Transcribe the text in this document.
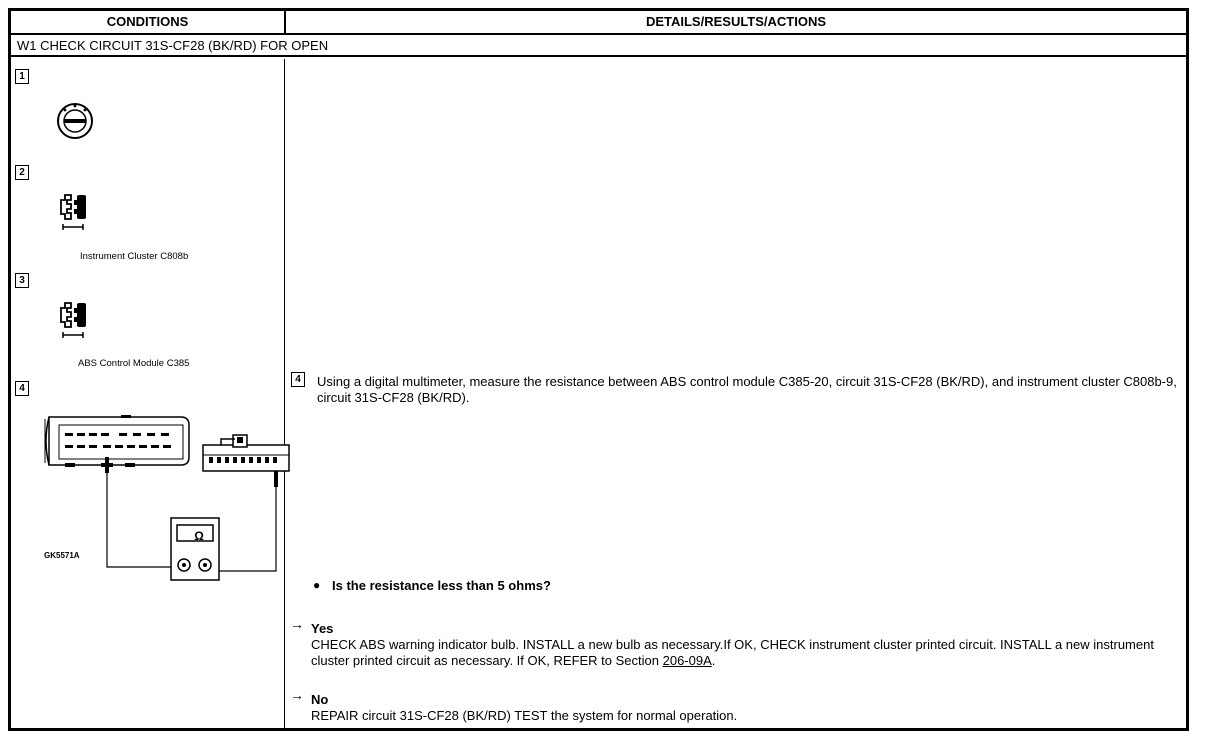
CONDITIONS	DETAILS/RESULTS/ACTIONS
W1 CHECK CIRCUIT 31S-CF28 (BK/RD) FOR OPEN
1
2
Instrument Cluster C808b
3
ABS Control Module C385
4
Ω
GK5571A
4	Using a digital multimeter, measure the resistance between ABS control module C385-20, circuit 31S-CF28 (BK/RD), and instrument cluster C808b-9, circuit 31S-CF28 (BK/RD).
● Is the resistance less than 5 ohms?
→ Yes
CHECK ABS warning indicator bulb. INSTALL a new bulb as necessary.If OK, CHECK instrument cluster printed circuit. INSTALL a new instrument cluster printed circuit as necessary. If OK, REFER to Section 206-09A.
→ No
REPAIR circuit 31S-CF28 (BK/RD) TEST the system for normal operation.
